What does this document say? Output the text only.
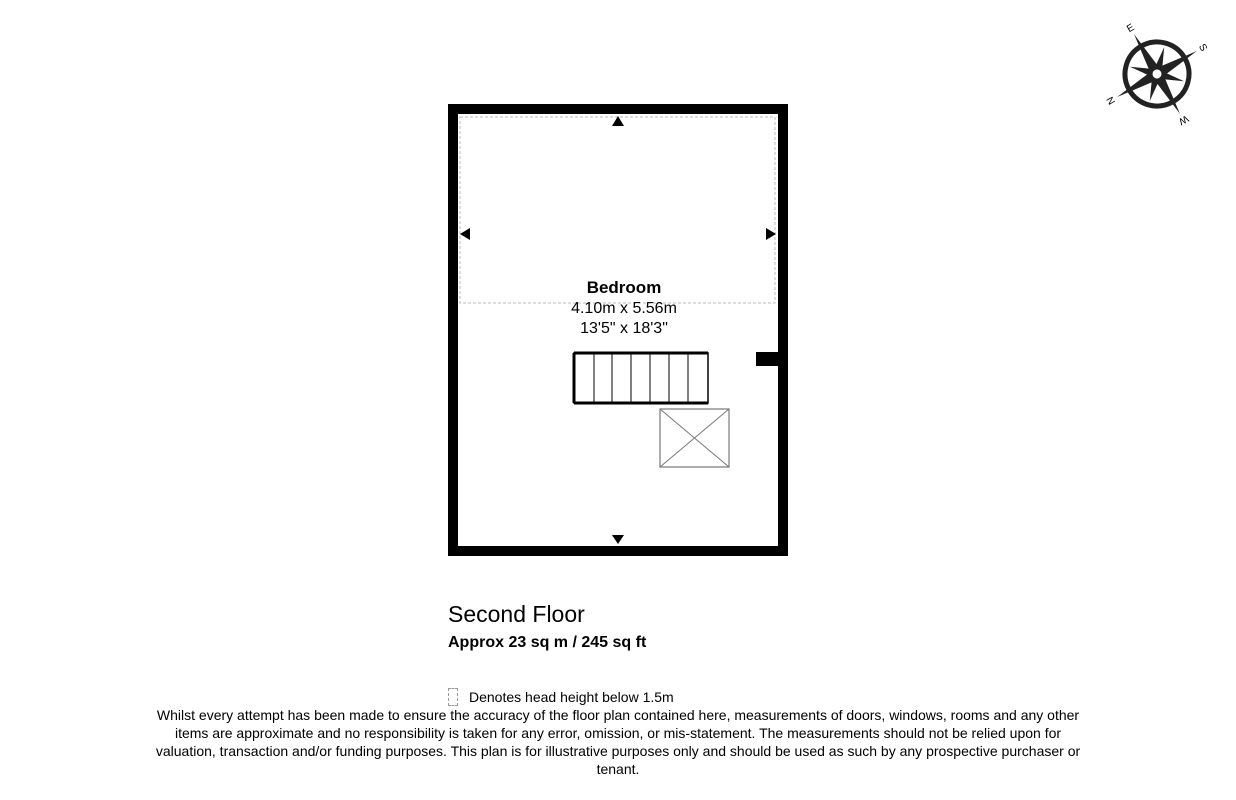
Bedroom
4.10m x 5.56m
13'5" x 18'3"
N
E
S
W
Second Floor
Approx 23 sq m / 245 sq ft
Denotes head height below 1.5m
Whilst every attempt has been made to ensure the accuracy of the floor plan contained here, measurements of doors, windows, rooms and any other items are approximate and no responsibility is taken for any error, omission, or mis-statement. The measurements should not be relied upon for valuation, transaction and/or funding purposes. This plan is for illustrative purposes only and should be used as such by any prospective purchaser or tenant.
